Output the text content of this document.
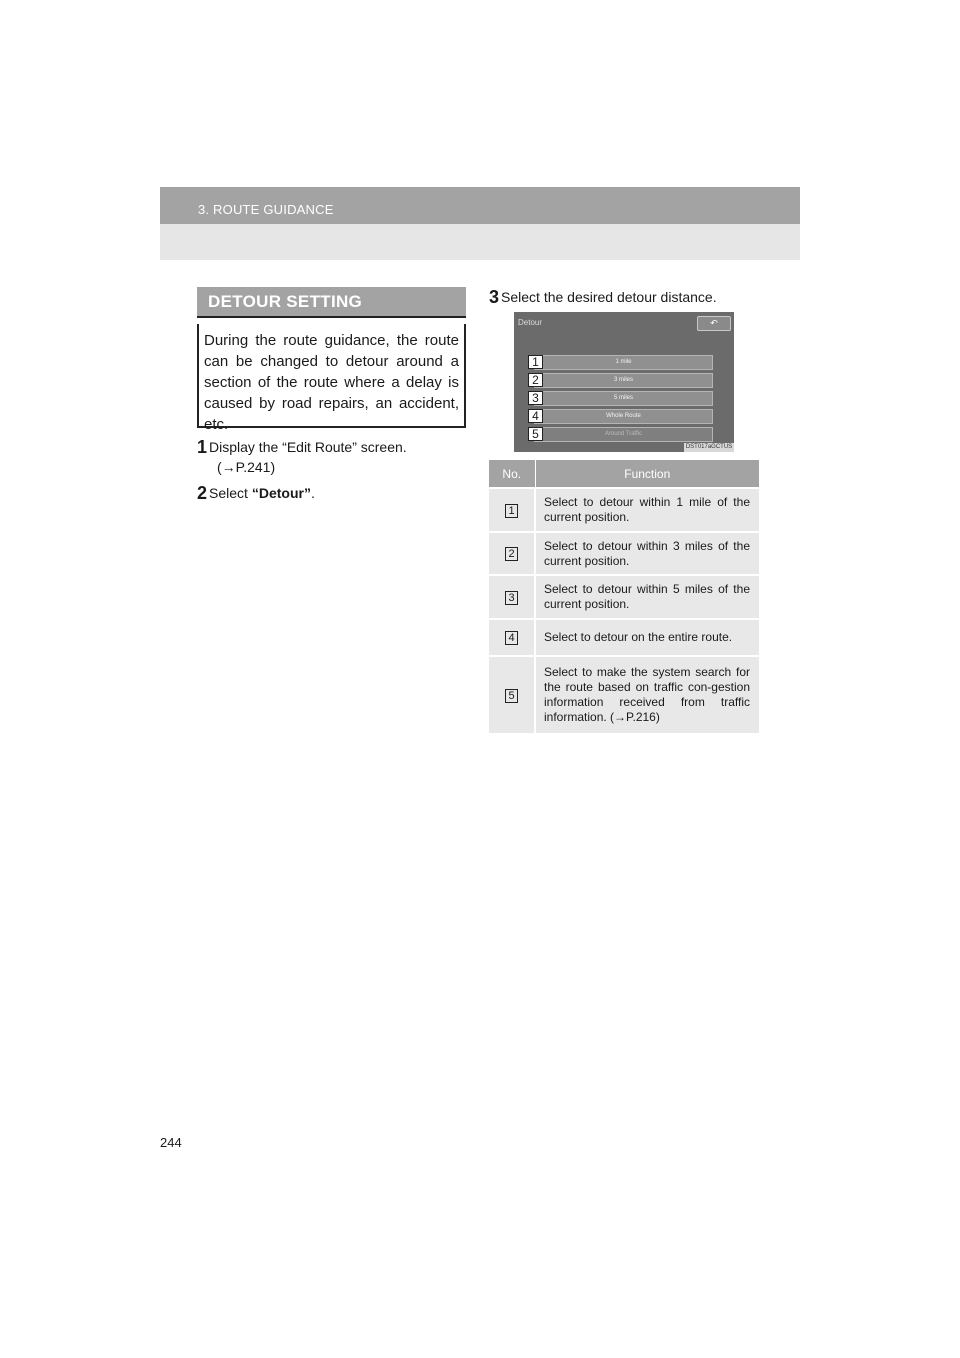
3. ROUTE GUIDANCE
DETOUR SETTING

During the route guidance, the route can be changed to detour around a section of the route where a delay is caused by road repairs, an accident, etc.

1 Display the “Edit Route” screen.
(→P.241)
2 Select “Detour”.
3 Select the desired detour distance.
Detour	↶
1 mile
3 miles
5 miles
Whole Route
Around Traffic
DST017aGCTUS
1
2
3
4
5
No.	Function
1	Select to detour within 1 mile of the current position.
2	Select to detour within 3 miles of the current position.
3	Select to detour within 5 miles of the current position.
4	Select to detour on the entire route.
5	Select to make the system search for the route based on traffic con-gestion information received from traffic information. (→P.216)
244
